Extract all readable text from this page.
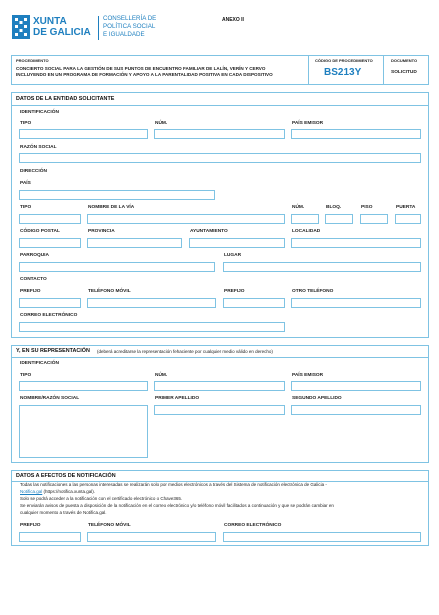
XUNTA
DE GALICIA
CONSELLERÍA DE
POLÍTICA SOCIAL
E IGUALDADE
ANEXO II
PROCEDIMENTO
CONCIERTO SOCIAL PARA LA GESTIÓN DE SUS PUNTOS DE ENCUENTRO FAMILIAR DE LALÍN, VERÍN Y CERVO
INCLUYENDO EN UN PROGRAMA DE FORMACIÓN Y APOYO A LA PARENTALIDAD POSITIVA EN CADA DISPOSITIVO
CÓDIGO DE PROCEDIMIENTO
BS213Y
DOCUMENTO
SOLICITUD
DATOS DE LA ENTIDAD SOLICITANTE
IDENTIFICACIÓN
TIPO	NÚM.	PAÍS EMISOR
RAZÓN SOCIAL
DIRECCIÓN
PAÍS
TIPO	NOMBRE DE LA VÍA	NÚM.	BLOQ.	PISO	PUERTA
CÓDIGO POSTAL	PROVINCIA	AYUNTAMIENTO	LOCALIDAD
PARROQUIA	LUGAR
CONTACTO
PREFIJO	TELÉFONO MÓVIL	PREFIJO	OTRO TELÉFONO
CORREO ELECTRÓNICO
Y, EN SU REPRESENTACIÓN (deberá acreditarse la representación fehaciente por cualquier medio válido en derecho)
IDENTIFICACIÓN
TIPO	NÚM.	PAÍS EMISOR
NOMBRE/RAZÓN SOCIAL	PRIMER APELLIDO	SEGUNDO APELLIDO
DATOS A EFECTOS DE NOTIFICACIÓN
Todas las notificaciones a las personas interesadas se realizarán solo por medios electrónicos a través del Sistema de notificación electrónica de Galicia -
Notifica.gal (https://notifica.xunta.gal).
Solo se podrá acceder a la notificación con el certificado electrónico o Chave365.
Se enviarán avisos de puesta a disposición de la notificación en el correo electrónico y/o teléfono móvil facilitados a continuación y que se podrán cambiar en
cualquier momento a través de Notifica.gal.
PREFIJO	TELÉFONO MÓVIL	CORREO ELECTRÓNICO
